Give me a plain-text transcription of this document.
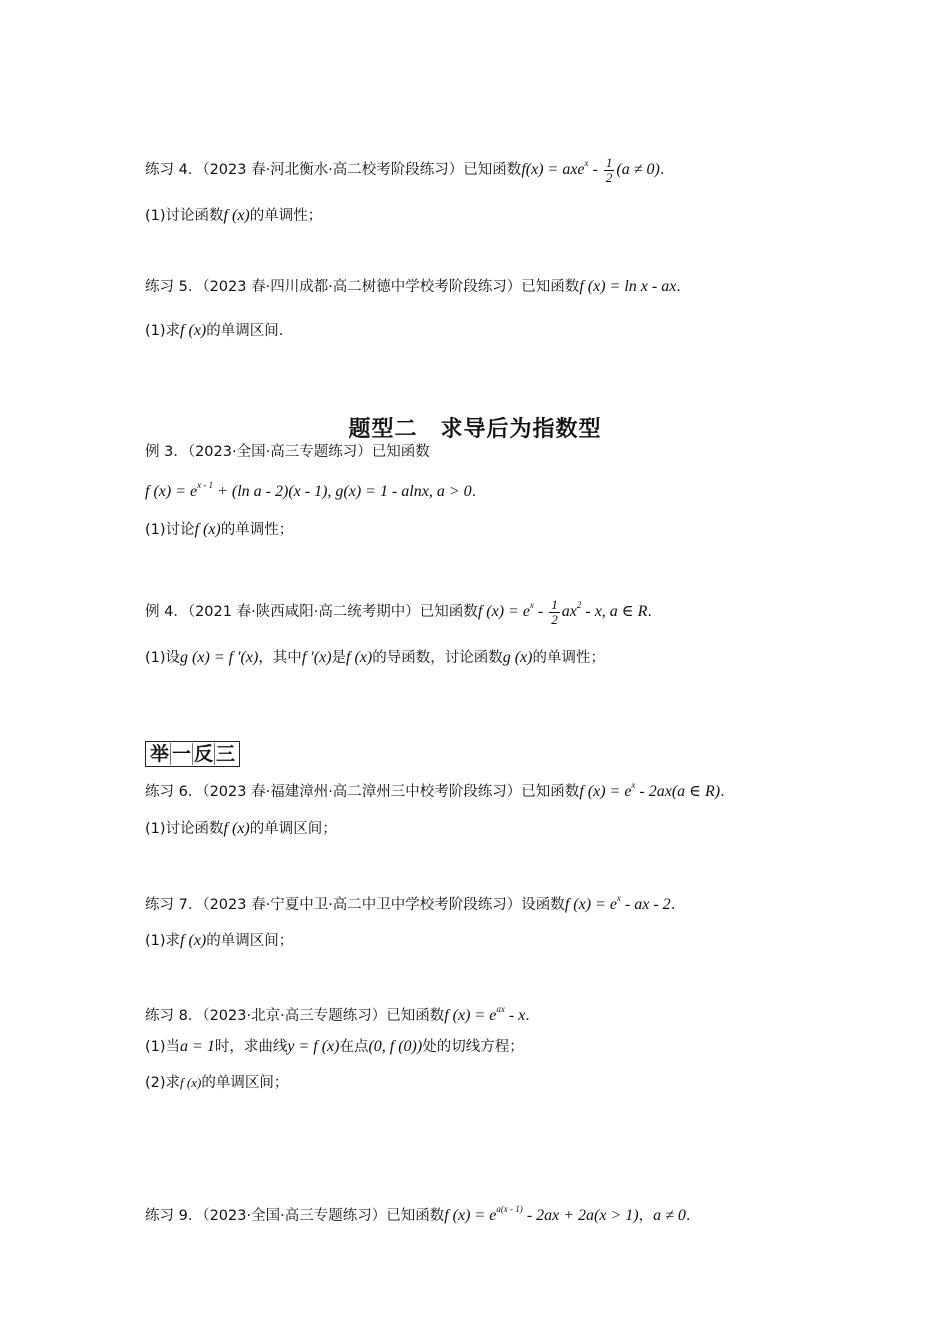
练习 4．（2023 春·河北衡水·高二校考阶段练习）已知函数$f(x) = axe^x - \frac{1}{2} (a \ne 0)$.
(1)讨论函数f (x)的单调性；
练习 5．（2023 春·四川成都·高二树德中学校考阶段练习）已知函数f (x) = ln x - ax.
(1)求f (x)的单调区间.
题型二　求导后为指数型
例 3．（2023·全国·高三专题练习）已知函数
f $(x) = e^{x - 1} + (\ln$ a - 2)(x - 1), g(x) = 1 - alnx, a > 0.
(1)讨论f (x)的单调性；
例 4．（2021 春·陕西咸阳·高二统考期中）已知函数f $(x) = e^x - \frac{1}{2} ax^2 - x$, a ∈ R.
(1)设g (x) = f ′(x)，其中f ′(x)是f (x)的导函数，讨论函数g (x)的单调性；
举 一 反 三
练习 6．（2023 春·福建漳州·高二漳州三中校考阶段练习）已知函数f $(x) = e^x - 2ax(a$ ∈ R).
(1)讨论函数f (x)的单调区间；
练习 7．（2023 春·宁夏中卫·高二中卫中学校考阶段练习）设函数f $(x) = e^x$ - ax - 2.
(1)求f (x)的单调区间；
练习 8．（2023·北京·高三专题练习）已知函数f $(x) = e^{ax} - x$.
(1)当a = 1时，求曲线y = f (x)在点(0, f (0))处的切线方程；
(2)求f (x)的单调区间；
练习 9．（2023·全国·高三专题练习）已知函数f $(x) = e^{a(x - 1)} - 2ax + 2a(x > 1)$，a ≠ 0.
